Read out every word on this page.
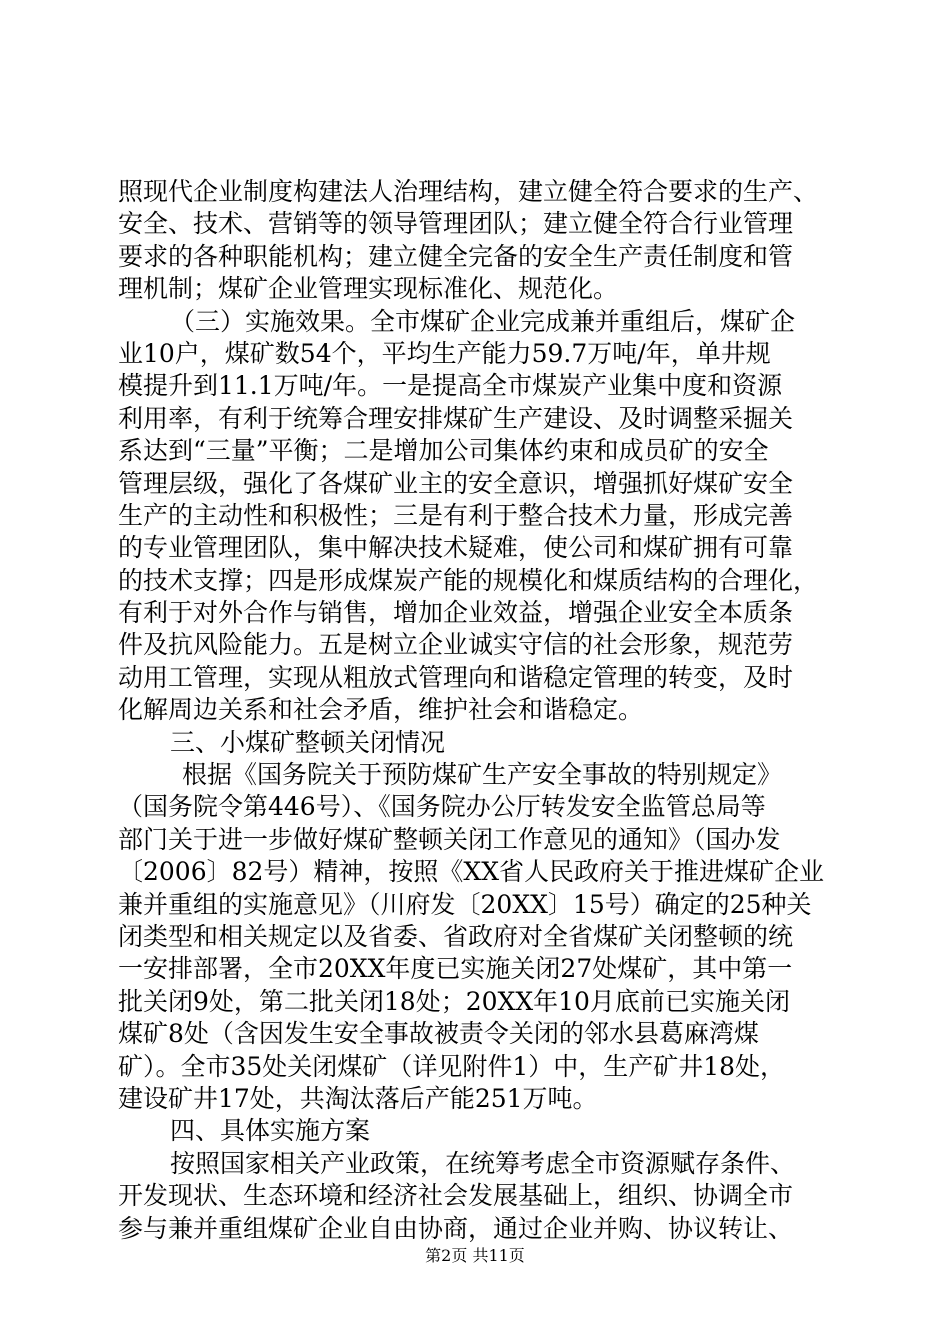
照现代企业制度构建法人治理结构，建立健全符合要求的生产、
安全、技术、营销等的领导管理团队；建立健全符合行业管理
要求的各种职能机构；建立健全完备的安全生产责任制度和管
理机制；煤矿企业管理实现标准化、规范化。
（三）实施效果。全市煤矿企业完成兼并重组后，煤矿企
业10户，煤矿数54个，平均生产能力59.7万吨/年，单井规
模提升到11.1万吨/年。一是提高全市煤炭产业集中度和资源
利用率，有利于统筹合理安排煤矿生产建设、及时调整采掘关
系达到“三量”平衡；二是增加公司集体约束和成员矿的安全
管理层级，强化了各煤矿业主的安全意识，增强抓好煤矿安全
生产的主动性和积极性；三是有利于整合技术力量，形成完善
的专业管理团队，集中解决技术疑难，使公司和煤矿拥有可靠
的技术支撑；四是形成煤炭产能的规模化和煤质结构的合理化，
有利于对外合作与销售，增加企业效益，增强企业安全本质条
件及抗风险能力。五是树立企业诚实守信的社会形象，规范劳
动用工管理，实现从粗放式管理向和谐稳定管理的转变，及时
化解周边关系和社会矛盾，维护社会和谐稳定。
三、小煤矿整顿关闭情况
根据《国务院关于预防煤矿生产安全事故的特别规定》
（国务院令第446号）、《国务院办公厅转发安全监管总局等
部门关于进一步做好煤矿整顿关闭工作意见的通知》（国办发
〔2006〕82号）精神，按照《XX省人民政府关于推进煤矿企业
兼并重组的实施意见》（川府发〔20XX〕15号）确定的25种关
闭类型和相关规定以及省委、省政府对全省煤矿关闭整顿的统
一安排部署，全市20XX年度已实施关闭27处煤矿，其中第一
批关闭9处，第二批关闭18处；20XX年10月底前已实施关闭
煤矿8处（含因发生安全事故被责令关闭的邻水县葛麻湾煤
矿）。全市35处关闭煤矿（详见附件1）中，生产矿井18处，
建设矿井17处，共淘汰落后产能251万吨。
四、具体实施方案
按照国家相关产业政策，在统筹考虑全市资源赋存条件、
开发现状、生态环境和经济社会发展基础上，组织、协调全市
参与兼并重组煤矿企业自由协商，通过企业并购、协议转让、
第2页 共11页
